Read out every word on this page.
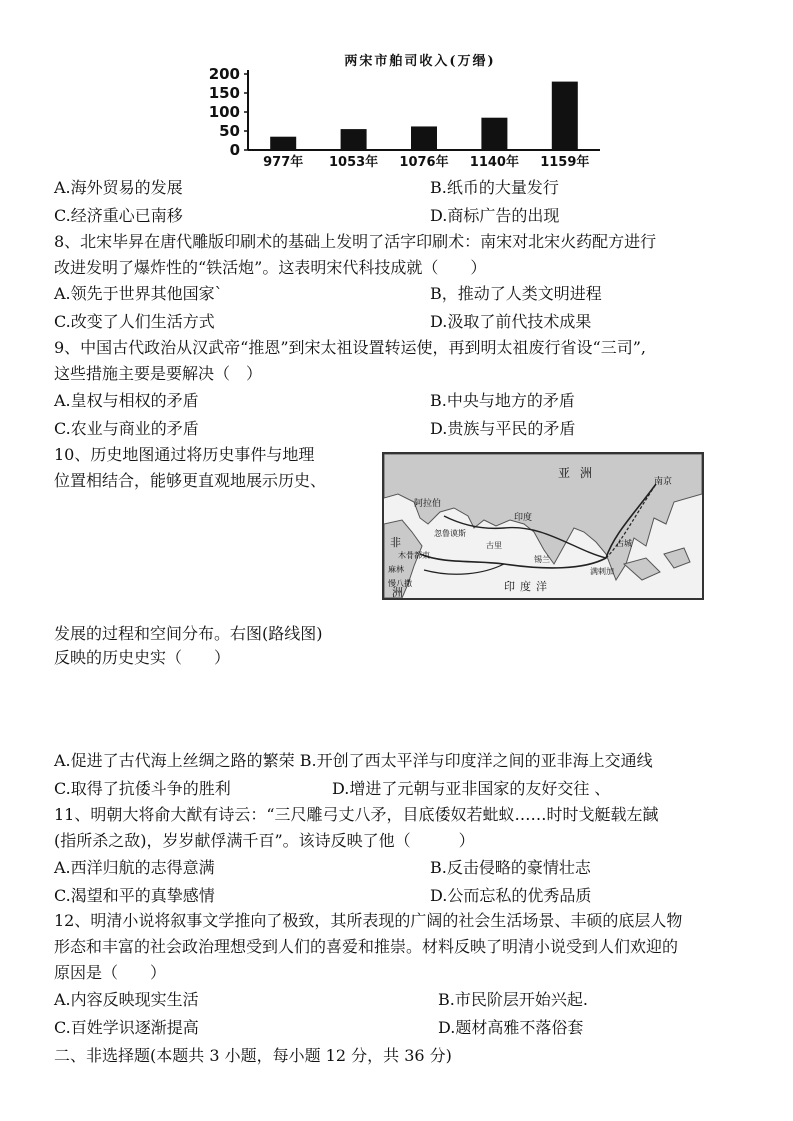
两宋市舶司收入(万缗)
0
50
100
150
200
977年 1053年 1076年 1140年 1159年
A.海外贸易的发展	B.纸币的大量发行
C.经济重心已南移	D.商标广告的出现
8、北宋毕昇在唐代雕版印刷术的基础上发明了活字印刷术：南宋对北宋火药配方进行
改进发明了爆炸性的“铁活炮”。这表明宋代科技成就（　　）
A.领先于世界其他国家`	B，推动了人类文明进程
C.改变了人们生活方式	D.汲取了前代技术成果
9、中国古代政治从汉武帝“推恩”到宋太祖设置转运使，再到明太祖废行省设“三司”,
这些措施主要是要解决（　）
A.皇权与相权的矛盾	B.中央与地方的矛盾
C.农业与商业的矛盾	D.贵族与平民的矛盾
10、历史地图通过将历史事件与地理
位置相结合，能够更直观地展示历史、
阿拉伯
印度
南京
亚 洲
木骨都束
麻林
慢八撒
忽鲁谟斯
古里
锡兰
满剌加
占城
非
洲	印 度 洋
发展的过程和空间分布。右图(路线图)
反映的历史史实（　　）
A.促进了古代海上丝绸之路的繁荣 B.开创了西太平洋与印度洋之间的亚非海上交通线
C.取得了抗倭斗争的胜利	D.增进了元朝与亚非国家的友好交往 、
11、明朝大将俞大猷有诗云：“三尺雕弓丈八矛，目底倭奴若蚍蚁……时时戈艇载左馘
(指所杀之敌)，岁岁献俘满千百”。该诗反映了他（　　　）
A.西洋归航的志得意满	B.反击侵略的豪情壮志
C.渴望和平的真挚感情	D.公而忘私的优秀品质
12、明清小说将叙事文学推向了极致，其所表现的广阔的社会生活场景、丰硕的底层人物
形态和丰富的社会政治理想受到人们的喜爱和推崇。材料反映了明清小说受到人们欢迎的
原因是（　　）
A.内容反映现实生活	B.市民阶层开始兴起.
C.百姓学识逐渐提高	D.题材高雅不落俗套
二、非选择题(本题共 3 小题，每小题 12 分，共 36 分)
